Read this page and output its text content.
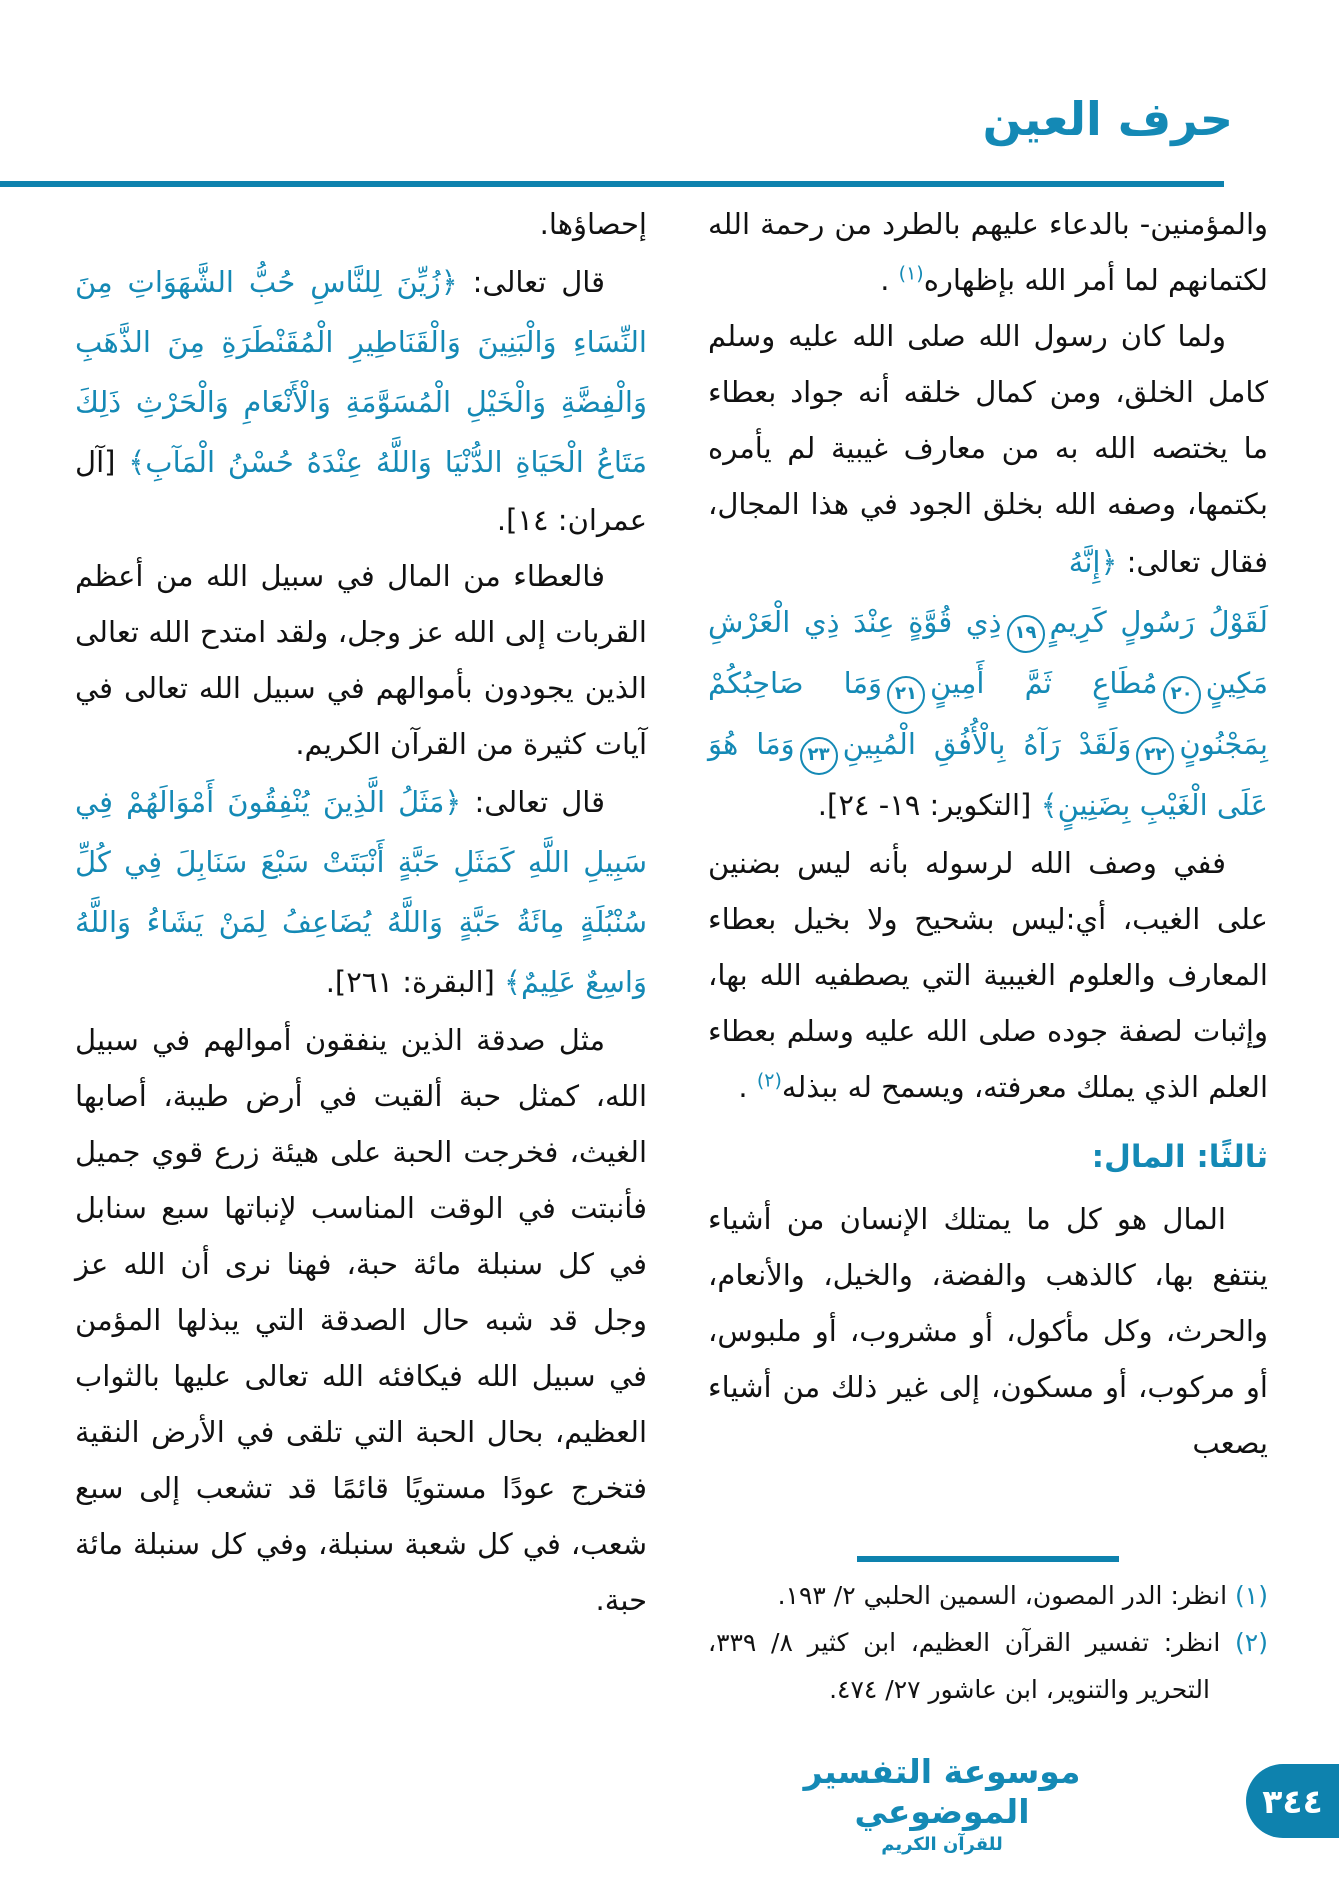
حرف العين

والمؤمنين- بالدعاء عليهم بالطرد من رحمة الله لكتمانهم لما أمر الله بإظهاره$^{(١)}$ .

ولما كان رسول الله صلى الله عليه وسلم كامل الخلق، ومن كمال خلقه أنه جواد بعطاء ما يختصه الله به من معارف غيبية لم يأمره بكتمها، وصفه الله بخلق الجود في هذا المجال، فقال تعالى: ﴿إِنَّهُ

لَقَوْلُ رَسُولٍ كَرِيمٍ١٩ذِي قُوَّةٍ عِنْدَ ذِي الْعَرْشِ مَكِينٍ٢٠مُطَاعٍ ثَمَّ أَمِينٍ٢١وَمَا صَاحِبُكُمْ بِمَجْنُونٍ٢٢وَلَقَدْ رَآهُ بِالْأُفُقِ الْمُبِينِ٢٣وَمَا هُوَ عَلَى الْغَيْبِ بِضَنِينٍ﴾ [التكوير: ١٩- ٢٤].

ففي وصف الله لرسوله بأنه ليس بضنين على الغيب، أي:ليس بشحيح ولا بخيل بعطاء المعارف والعلوم الغيبية التي يصطفيه الله بها، وإثبات لصفة جوده صلى الله عليه وسلم بعطاء العلم الذي يملك معرفته، ويسمح له ببذله$^{(٢)}$ .

ثالثًا: المال:

المال هو كل ما يمتلك الإنسان من أشياء ينتفع بها، كالذهب والفضة، والخيل، والأنعام، والحرث، وكل مأكول، أو مشروب، أو ملبوس، أو مركوب، أو مسكون، إلى غير ذلك من أشياء يصعب

إحصاؤها.

قال تعالى: ﴿زُيِّنَ لِلنَّاسِ حُبُّ الشَّهَوَاتِ مِنَ النِّسَاءِ وَالْبَنِينَ وَالْقَنَاطِيرِ الْمُقَنْطَرَةِ مِنَ الذَّهَبِ وَالْفِضَّةِ وَالْخَيْلِ الْمُسَوَّمَةِ وَالْأَنْعَامِ وَالْحَرْثِ ذَلِكَ مَتَاعُ الْحَيَاةِ الدُّنْيَا وَاللَّهُ عِنْدَهُ حُسْنُ الْمَآبِ﴾ [آل عمران: ١٤].

فالعطاء من المال في سبيل الله من أعظم القربات إلى الله عز وجل، ولقد امتدح الله تعالى الذين يجودون بأموالهم في سبيل الله تعالى في آيات كثيرة من القرآن الكريم.

قال تعالى: ﴿مَثَلُ الَّذِينَ يُنْفِقُونَ أَمْوَالَهُمْ فِي سَبِيلِ اللَّهِ كَمَثَلِ حَبَّةٍ أَنْبَتَتْ سَبْعَ سَنَابِلَ فِي كُلِّ سُنْبُلَةٍ مِائَةُ حَبَّةٍ وَاللَّهُ يُضَاعِفُ لِمَنْ يَشَاءُ وَاللَّهُ وَاسِعٌ عَلِيمٌ﴾ [البقرة: ٢٦١].

مثل صدقة الذين ينفقون أموالهم في سبيل الله، كمثل حبة ألقيت في أرض طيبة، أصابها الغيث، فخرجت الحبة على هيئة زرع قوي جميل فأنبتت في الوقت المناسب لإنباتها سبع سنابل في كل سنبلة مائة حبة، فهنا نرى أن الله عز وجل قد شبه حال الصدقة التي يبذلها المؤمن في سبيل الله فيكافئه الله تعالى عليها بالثواب العظيم، بحال الحبة التي تلقى في الأرض النقية فتخرج عودًا مستويًا قائمًا قد تشعب إلى سبع شعب، في كل شعبة سنبلة، وفي كل سنبلة مائة حبة.	(١) انظر: الدر المصون، السمين الحلبي ٢/ ١٩٣.

(٢) انظر: تفسير القرآن العظيم، ابن كثير ٨/ ٣٣٩، التحرير والتنوير، ابن عاشور ٢٧/ ٤٧٤.

موسوعة التفسير الموضوعي
للقرآن الكريم
٣٤٤
